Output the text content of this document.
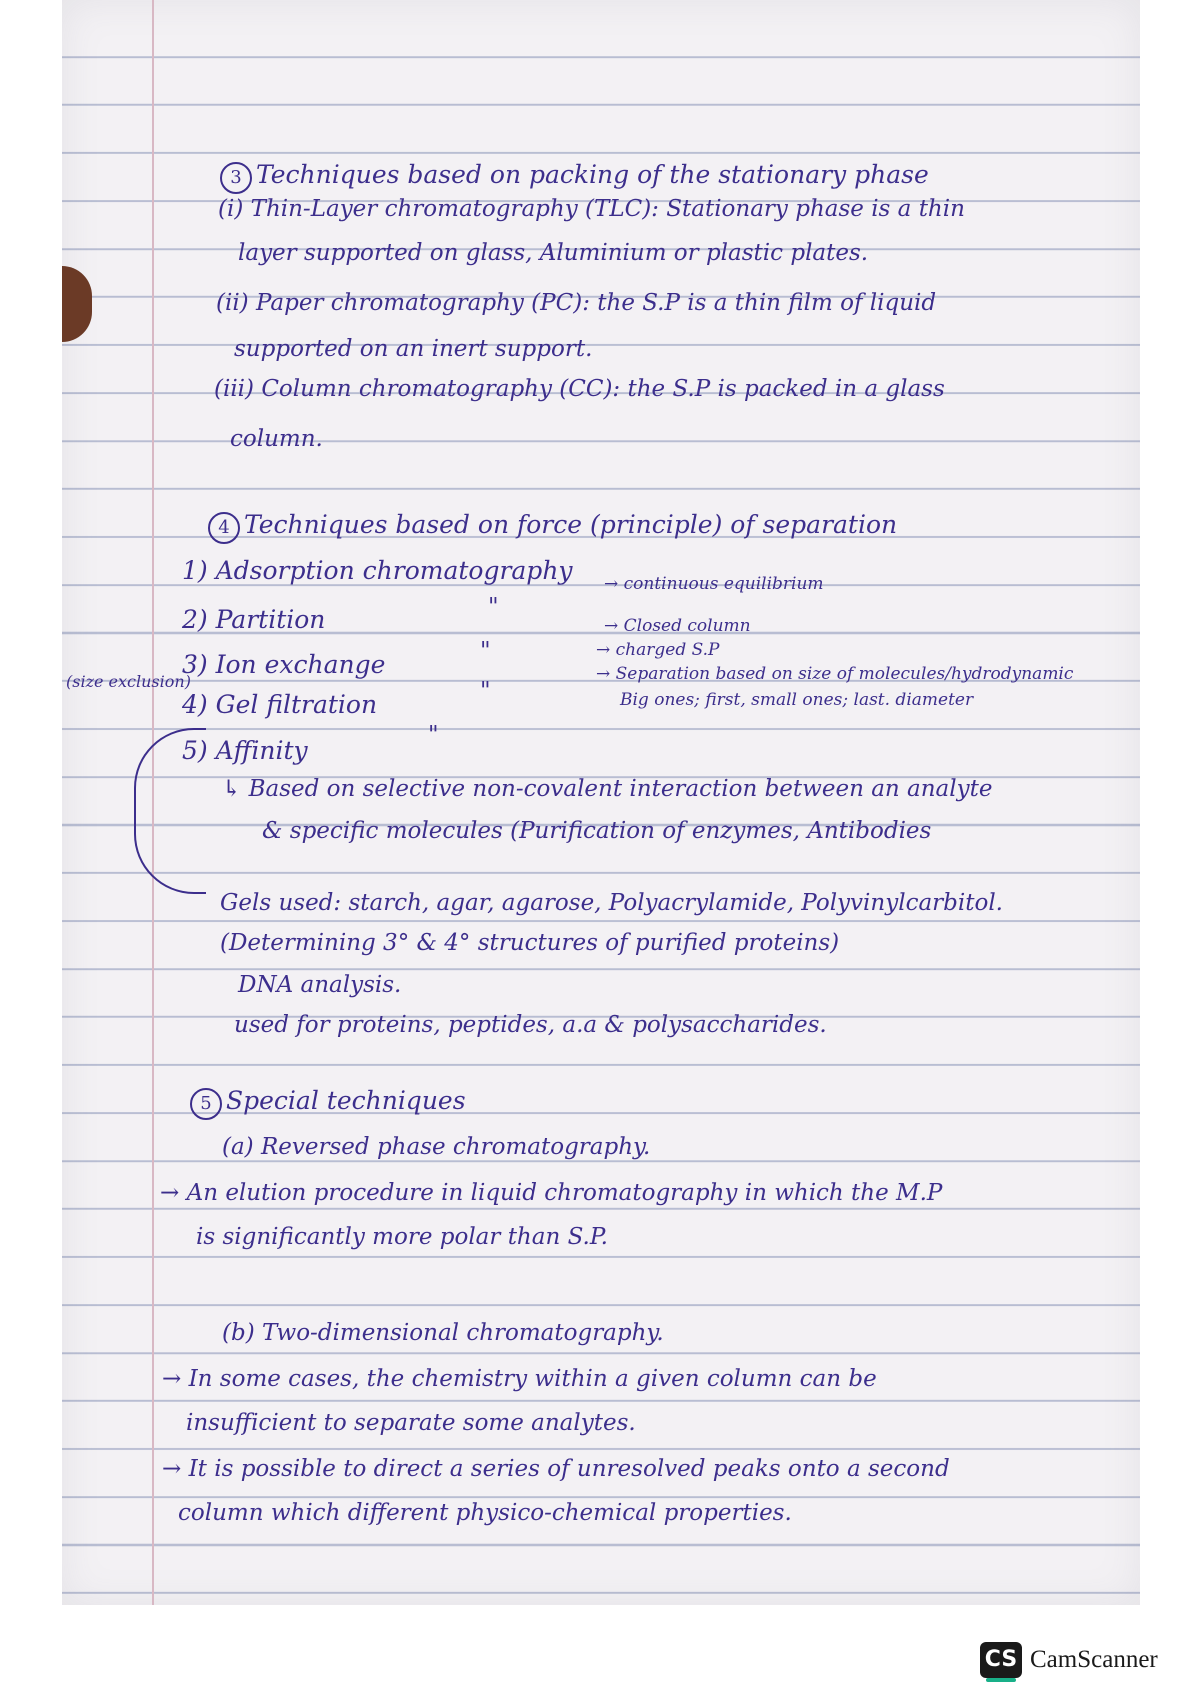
3 Techniques based on packing of the stationary phase
(i) Thin-Layer chromatography (TLC): Stationary phase is a thin
layer supported on glass, Aluminium or plastic plates.
(ii) Paper chromatography (PC): the S.P is a thin film of liquid
supported on an inert support.
(iii) Column chromatography (CC): the S.P is packed in a glass
column.
4 Techniques based on force (principle) of separation
1) Adsorption chromatography
2) Partition
3) Ion exchange
(size exclusion)
4) Gel filtration
5) Affinity
"
"
"
"
→ continuous equilibrium
→ Closed column
→ charged S.P
→ Separation based on size of molecules/hydrodynamic
Big ones; first, small ones; last. diameter
↳ Based on selective non-covalent interaction between an analyte
& specific molecules (Purification of enzymes, Antibodies
Gels used: starch, agar, agarose, Polyacrylamide, Polyvinylcarbitol.
(Determining 3° & 4° structures of purified proteins)
DNA analysis.
used for proteins, peptides, a.a & polysaccharides.
5 Special techniques
(a) Reversed phase chromatography.
→ An elution procedure in liquid chromatography in which the M.P
is significantly more polar than S.P.
(b) Two-dimensional chromatography.
→ In some cases, the chemistry within a given column can be
insufficient to separate some analytes.
→ It is possible to direct a series of unresolved peaks onto a second
column which different physico-chemical properties.
CS CamScanner
